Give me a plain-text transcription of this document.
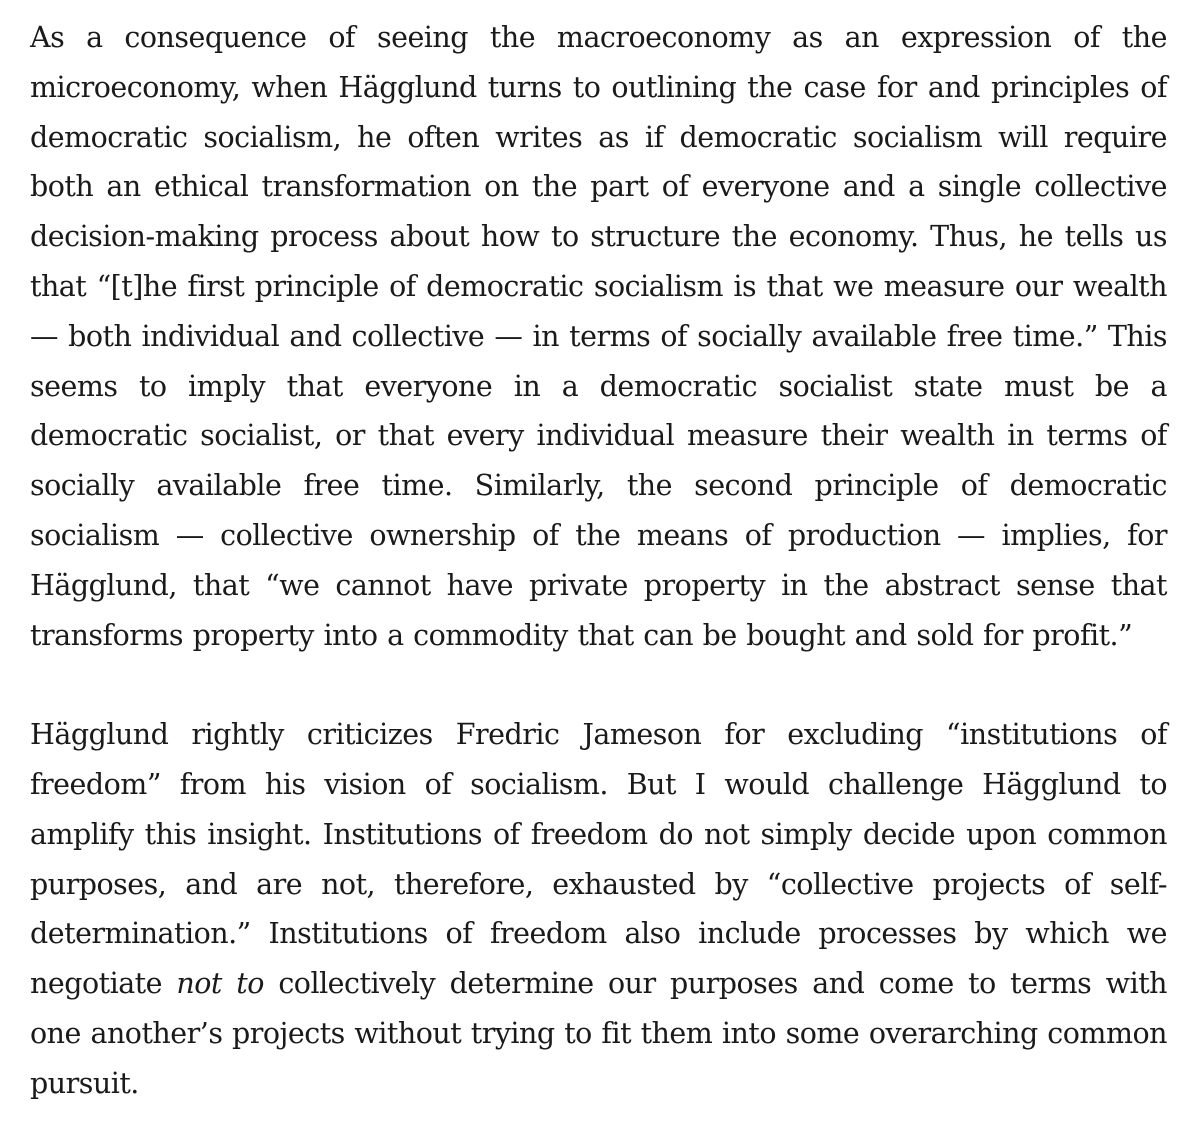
As a consequence of seeing the macroeconomy as an expression of the microeconomy, when Hägglund turns to outlining the case for and principles of democratic socialism, he often writes as if democratic socialism will require both an ethical transformation on the part of everyone and a single collective decision-making process about how to structure the economy. Thus, he tells us that “[t]he first principle of democratic socialism is that we measure our wealth — both individual and collective — in terms of socially available free time.” This seems to imply that everyone in a democratic socialist state must be a democratic socialist, or that every individual measure their wealth in terms of socially available free time. Similarly, the second principle of democratic socialism — collective ownership of the means of production — implies, for Hägglund, that “we cannot have private property in the abstract sense that transforms property into a commodity that can be bought and sold for profit.”

Hägglund rightly criticizes Fredric Jameson for excluding “institutions of freedom” from his vision of socialism. But I would challenge Hägglund to amplify this insight. Institutions of freedom do not simply decide upon common purposes, and are not, therefore, exhausted by “collective projects of self-determination.” Institutions of freedom also include processes by which we negotiate not to collectively determine our purposes and come to terms with one another’s projects without trying to fit them into some overarching common pursuit.
